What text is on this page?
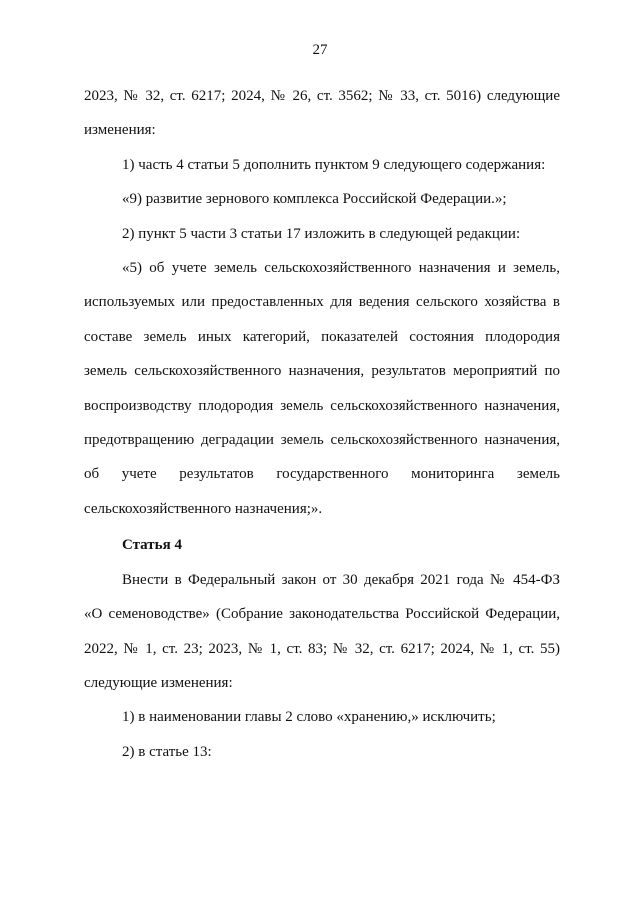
27

2023, № 32, ст. 6217; 2024, № 26, ст. 3562; № 33, ст. 5016) следующие

изменения:

1) часть 4 статьи 5 дополнить пунктом 9 следующего содержания:

«9) развитие зернового комплекса Российской Федерации.»;

2) пункт 5 части 3 статьи 17 изложить в следующей редакции:

«5) об учете земель сельскохозяйственного назначения и земель,

используемых или предоставленных для ведения сельского хозяйства в

составе земель иных категорий, показателей состояния плодородия

земель сельскохозяйственного назначения, результатов мероприятий по

воспроизводству плодородия земель сельскохозяйственного назначения,

предотвращению деградации земель сельскохозяйственного назначения,

об учете результатов государственного мониторинга земель

сельскохозяйственного назначения;».

Статья 4

Внести в Федеральный закон от 30 декабря 2021 года № 454-ФЗ

«О семеноводстве» (Собрание законодательства Российской Федерации,

2022, № 1, ст. 23; 2023, № 1, ст. 83; № 32, ст. 6217; 2024, № 1, ст. 55)

следующие изменения:

1) в наименовании главы 2 слово «хранению,» исключить;

2) в статье 13:
